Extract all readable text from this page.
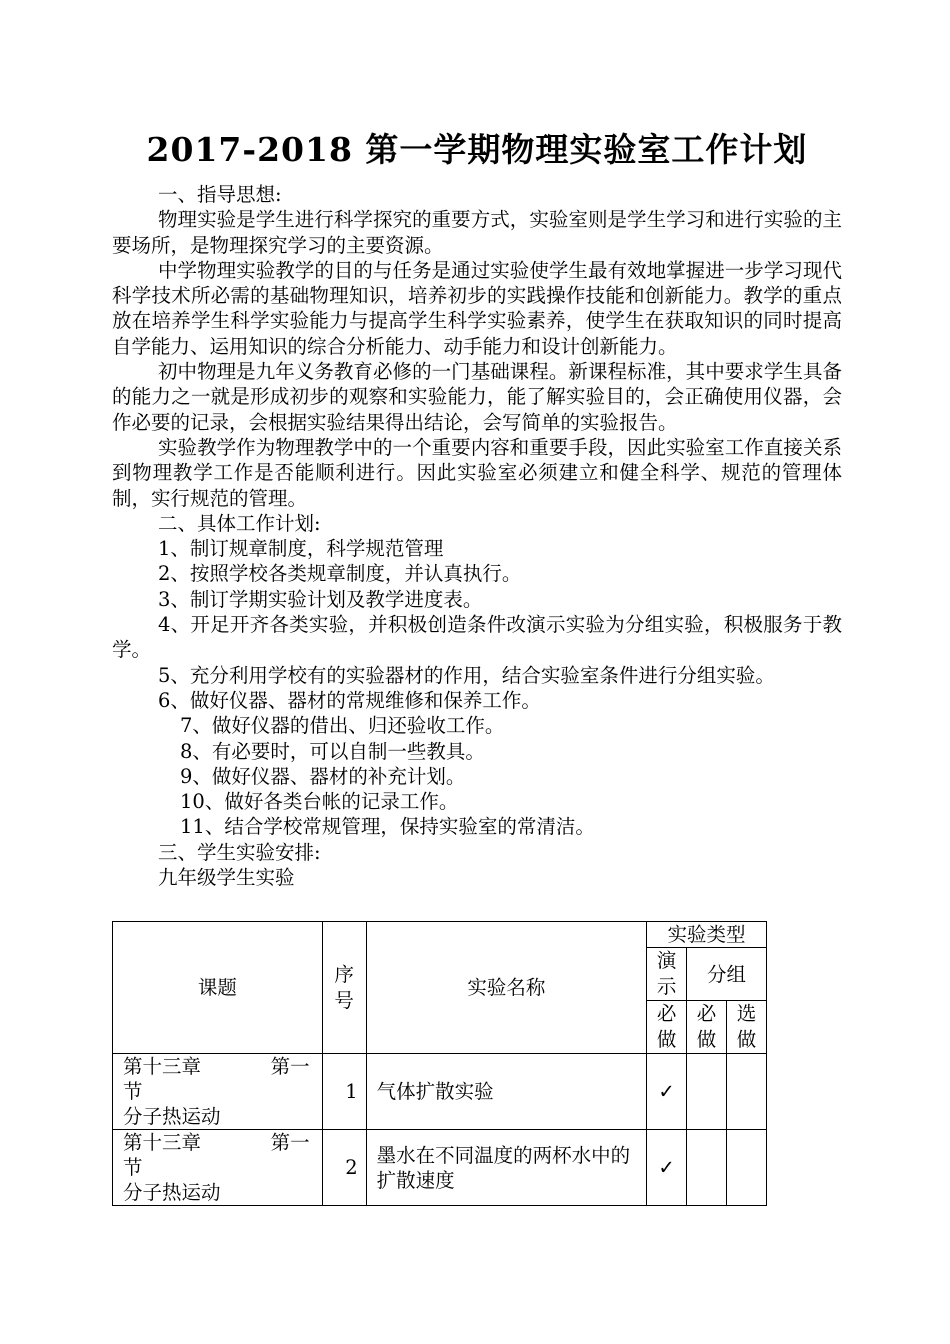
2017-2018 第一学期物理实验室工作计划

一、指导思想:

物理实验是学生进行科学探究的重要方式，实验室则是学生学习和进行实验的主要场所，是物理探究学习的主要资源。

中学物理实验教学的目的与任务是通过实验使学生最有效地掌握进一步学习现代科学技术所必需的基础物理知识，培养初步的实践操作技能和创新能力。教学的重点放在培养学生科学实验能力与提高学生科学实验素养，使学生在获取知识的同时提高自学能力、运用知识的综合分析能力、动手能力和设计创新能力。

初中物理是九年义务教育必修的一门基础课程。新课程标准，其中要求学生具备的能力之一就是形成初步的观察和实验能力，能了解实验目的，会正确使用仪器，会作必要的记录，会根据实验结果得出结论，会写简单的实验报告。

实验教学作为物理教学中的一个重要内容和重要手段，因此实验室工作直接关系到物理教学工作是否能顺利进行。因此实验室必须建立和健全科学、规范的管理体制，实行规范的管理。

二、具体工作计划:

1、制订规章制度，科学规范管理

2、按照学校各类规章制度，并认真执行。

3、制订学期实验计划及教学进度表。

4、开足开齐各类实验，并积极创造条件改演示实验为分组实验，积极服务于教学。

5、充分利用学校有的实验器材的作用，结合实验室条件进行分组实验。

6、做好仪器、器材的常规维修和保养工作。

7、做好仪器的借出、归还验收工作。

8、有必要时，可以自制一些教具。

9、做好仪器、器材的补充计划。

10、做好各类台帐的记录工作。

11、结合学校常规管理，保持实验室的常清洁。

三、学生实验安排:

九年级学生实验

课题	序号	实验名称	实验类型		

			演示	分组	

			必做	必做	选做

第十三章 第一
节
分子热运动	1	气体扩散实验	✓		

第十三章 第一
节
分子热运动	2	墨水在不同温度的两杯水中的扩散速度	✓		
